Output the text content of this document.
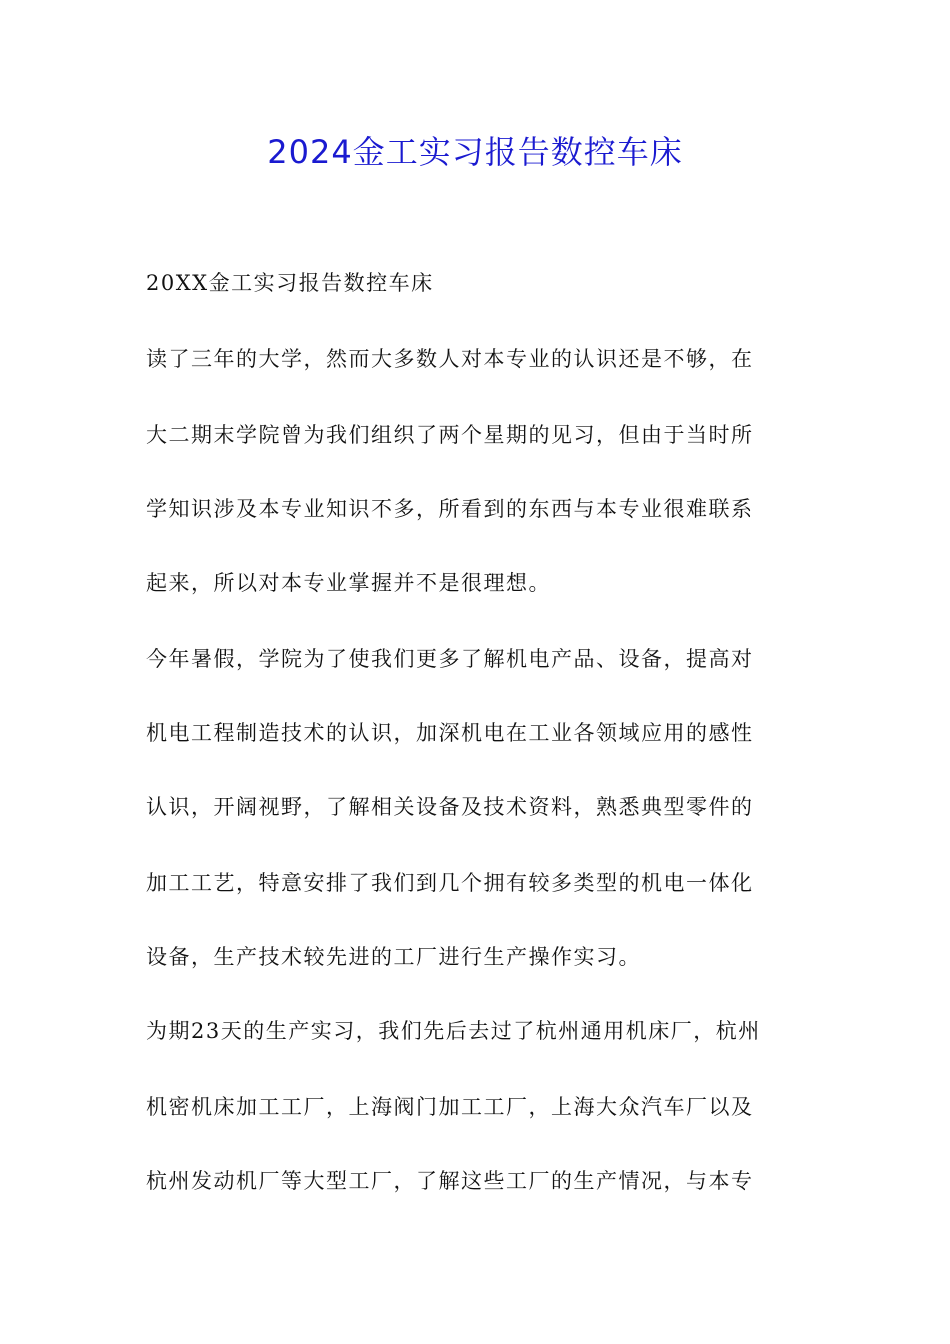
2024金工实习报告数控车床
20XX金工实习报告数控车床
读了三年的大学，然而大多数人对本专业的认识还是不够，在
大二期末学院曾为我们组织了两个星期的见习，但由于当时所
学知识涉及本专业知识不多，所看到的东西与本专业很难联系
起来，所以对本专业掌握并不是很理想。
今年暑假，学院为了使我们更多了解机电产品、设备，提高对
机电工程制造技术的认识，加深机电在工业各领域应用的感性
认识，开阔视野，了解相关设备及技术资料，熟悉典型零件的
加工工艺，特意安排了我们到几个拥有较多类型的机电一体化
设备，生产技术较先进的工厂进行生产操作实习。
为期23天的生产实习，我们先后去过了杭州通用机床厂，杭州
机密机床加工工厂，上海阀门加工工厂，上海大众汽车厂以及
杭州发动机厂等大型工厂，了解这些工厂的生产情况，与本专
